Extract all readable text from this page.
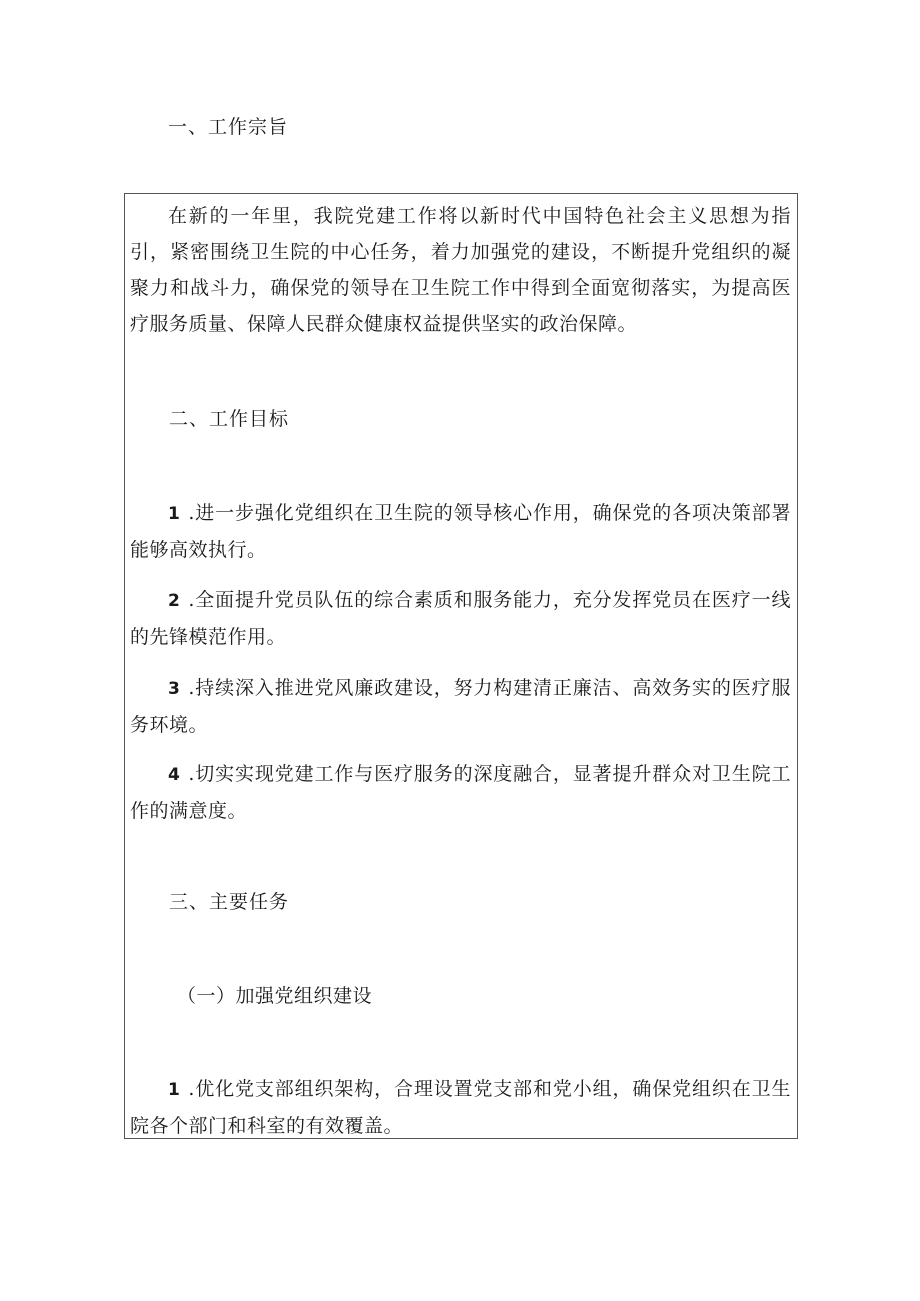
一、工作宗旨

在新的一年里，我院党建工作将以新时代中国特色社会主义思想为指引，紧密围绕卫生院的中心任务，着力加强党的建设，不断提升党组织的凝聚力和战斗力，确保党的领导在卫生院工作中得到全面宽彻落实，为提高医疗服务质量、保障人民群众健康权益提供坚实的政治保障。

二、工作目标

1 .进一步强化党组织在卫生院的领导核心作用，确保党的各项决策部署能够高效执行。

2 .全面提升党员队伍的综合素质和服务能力，充分发挥党员在医疗一线的先锋模范作用。

3 .持续深入推进党风廉政建设，努力构建清正廉洁、高效务实的医疗服务环境。

4 .切实实现党建工作与医疗服务的深度融合，显著提升群众对卫生院工作的满意度。

三、主要任务
（一）加强党组织建设

1 .优化党支部组织架构，合理设置党支部和党小组，确保党组织在卫生院各个部门和科室的有效覆盖。
